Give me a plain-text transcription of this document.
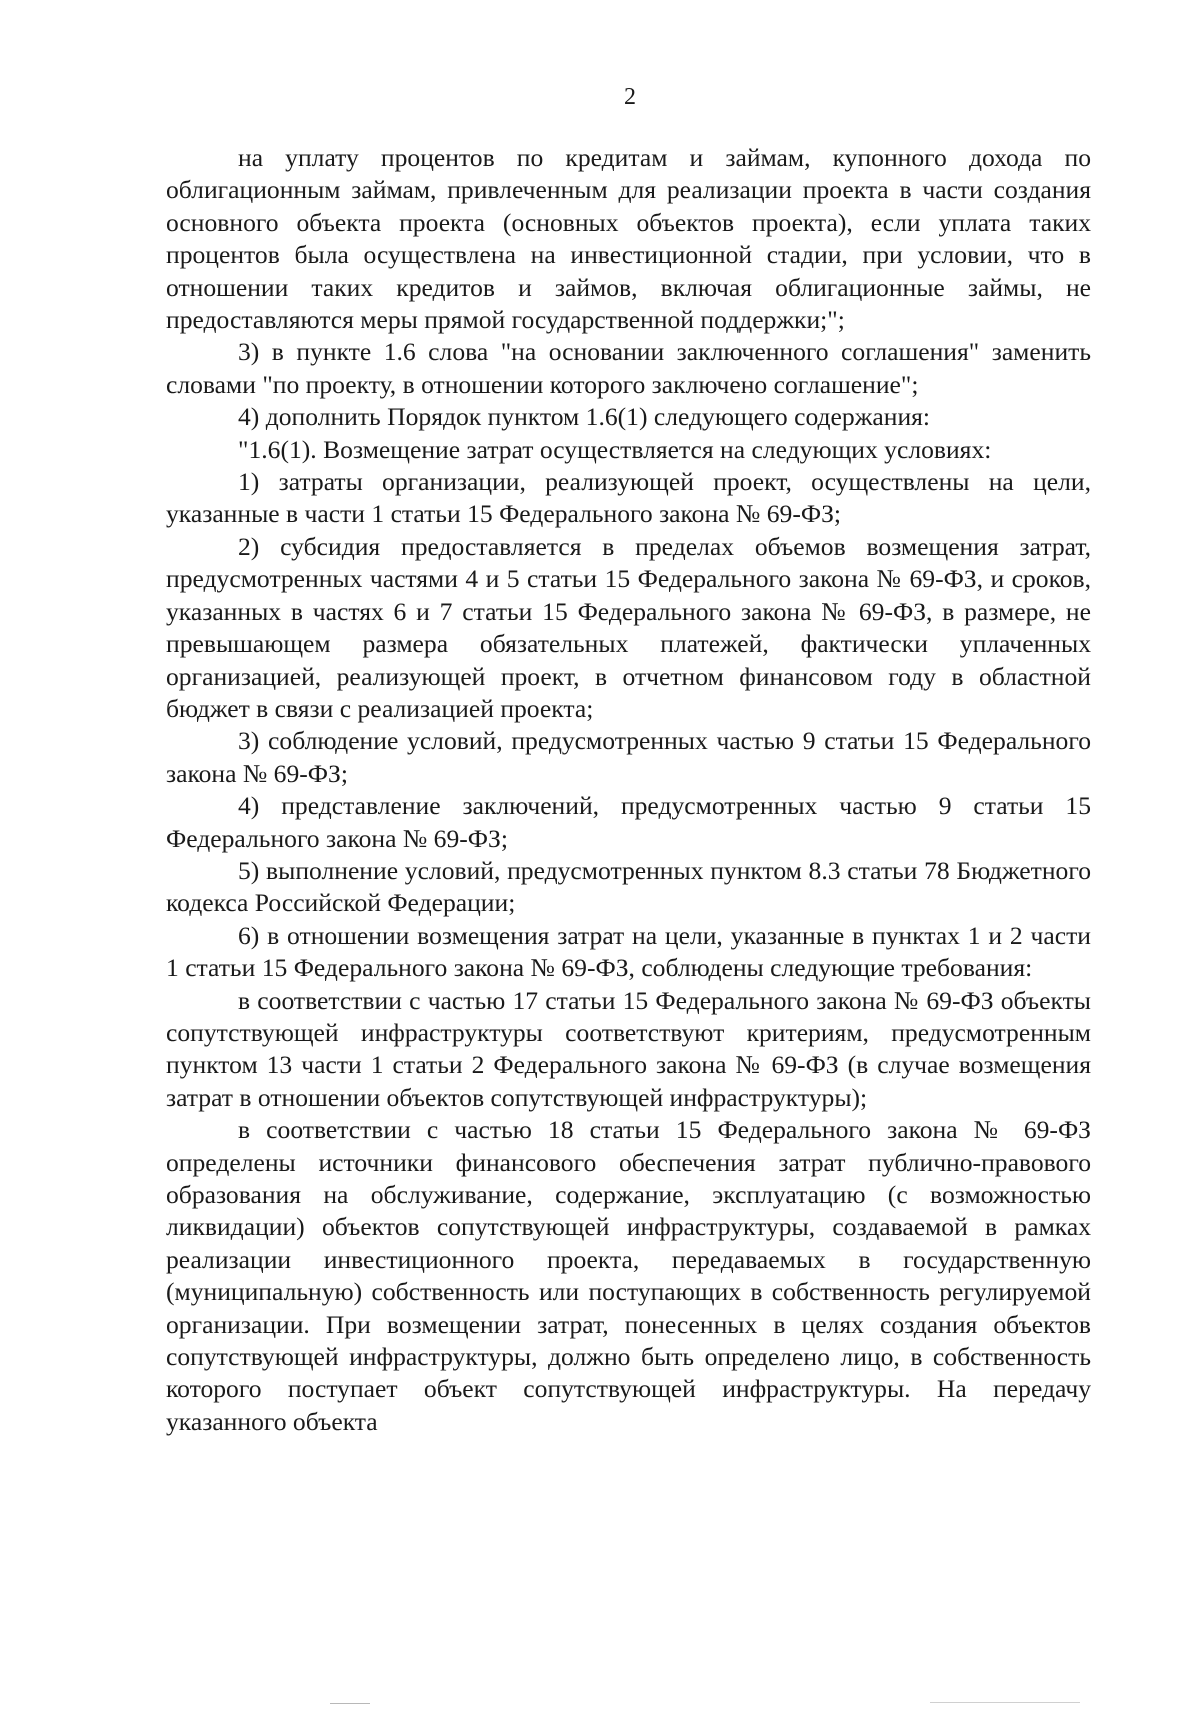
2

на уплату процентов по кредитам и займам, купонного дохода по облигационным займам, привлеченным для реализации проекта в части создания основного объекта проекта (основных объектов проекта), если уплата таких процентов была осуществлена на инвестиционной стадии, при условии, что в отношении таких кредитов и займов, включая облигационные займы, не предоставляются меры прямой государственной поддержки;";

3) в пункте 1.6 слова "на основании заключенного соглашения" заменить словами "по проекту, в отношении которого заключено соглашение";

4) дополнить Порядок пунктом 1.6(1) следующего содержания:

"1.6(1). Возмещение затрат осуществляется на следующих условиях:

1) затраты организации, реализующей проект, осуществлены на цели, указанные в части 1 статьи 15 Федерального закона № 69-ФЗ;

2) субсидия предоставляется в пределах объемов возмещения затрат, предусмотренных частями 4 и 5 статьи 15 Федерального закона № 69-ФЗ, и сроков, указанных в частях 6 и 7 статьи 15 Федерального закона № 69-ФЗ, в размере, не превышающем размера обязательных платежей, фактически уплаченных организацией, реализующей проект, в отчетном финансовом году в областной бюджет в связи с реализацией проекта;

3) соблюдение условий, предусмотренных частью 9 статьи 15 Федерального закона № 69-ФЗ;

4) представление заключений, предусмотренных частью 9 статьи 15 Федерального закона № 69-ФЗ;

5) выполнение условий, предусмотренных пунктом 8.3 статьи 78 Бюджетного кодекса Российской Федерации;

6) в отношении возмещения затрат на цели, указанные в пунктах 1 и 2 части 1 статьи 15 Федерального закона № 69-ФЗ, соблюдены следующие требования:

в соответствии с частью 17 статьи 15 Федерального закона № 69-ФЗ объекты сопутствующей инфраструктуры соответствуют критериям, предусмотренным пунктом 13 части 1 статьи 2 Федерального закона № 69-ФЗ (в случае возмещения затрат в отношении объектов сопутствующей инфраструктуры);

в соответствии с частью 18 статьи 15 Федерального закона № 69-ФЗ определены источники финансового обеспечения затрат публично-правового образования на обслуживание, содержание, эксплуатацию (с возможностью ликвидации) объектов сопутствующей инфраструктуры, создаваемой в рамках реализации инвестиционного проекта, передаваемых в государственную (муниципальную) собственность или поступающих в собственность регулируемой организации. При возмещении затрат, понесенных в целях создания объектов сопутствующей инфраструктуры, должно быть определено лицо, в собственность которого поступает объект сопутствующей инфраструктуры. На передачу указанного объекта
